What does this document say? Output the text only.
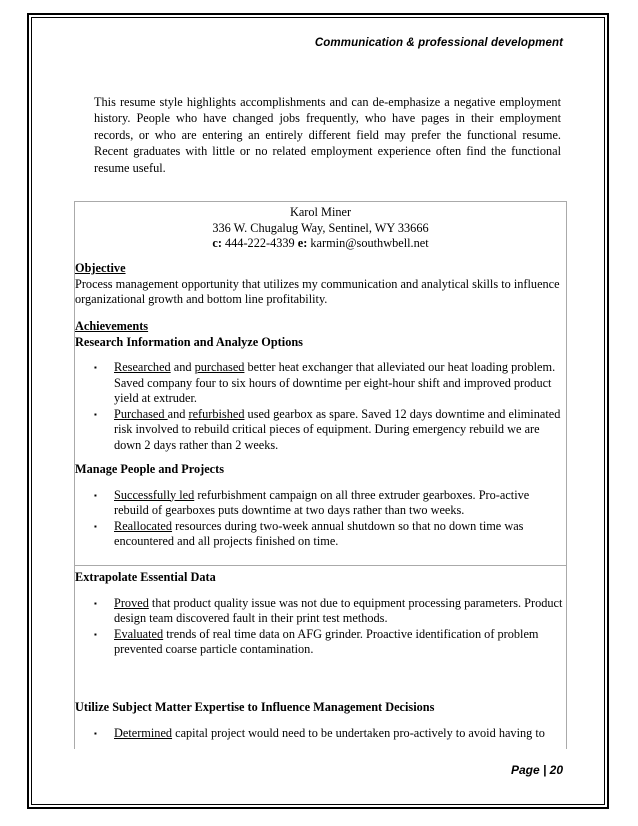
Communication & professional development
This resume style highlights accomplishments and can de-emphasize a negative employment history. People who have changed jobs frequently, who have pages in their employment records, or who are entering an entirely different field may prefer the functional resume. Recent graduates with little or no related employment experience often find the functional resume useful.
Karol Miner
336 W. Chugalug Way, Sentinel, WY 33666
c: 444-222-4339 e: karmin@southwbell.net
Objective
Process management opportunity that utilizes my communication and analytical skills to influence organizational growth and bottom line profitability.
Achievements
Research Information and Analyze Options
▪ Researched and purchased better heat exchanger that alleviated our heat loading problem. Saved company four to six hours of downtime per eight-hour shift and improved product yield at extruder.
▪ Purchased and refurbished used gearbox as spare. Saved 12 days downtime and eliminated risk involved to rebuild critical pieces of equipment. During emergency rebuild we are down 2 days rather than 2 weeks.
Manage People and Projects
▪ Successfully led refurbishment campaign on all three extruder gearboxes. Pro-active rebuild of gearboxes puts downtime at two days rather than two weeks.
▪ Reallocated resources during two-week annual shutdown so that no down time was encountered and all projects finished on time.
Extrapolate Essential Data
▪ Proved that product quality issue was not due to equipment processing parameters. Product design team discovered fault in their print test methods.
▪ Evaluated trends of real time data on AFG grinder. Proactive identification of problem prevented coarse particle contamination.
Utilize Subject Matter Expertise to Influence Management Decisions
▪ Determined capital project would need to be undertaken pro-actively to avoid having to
Page | 20
